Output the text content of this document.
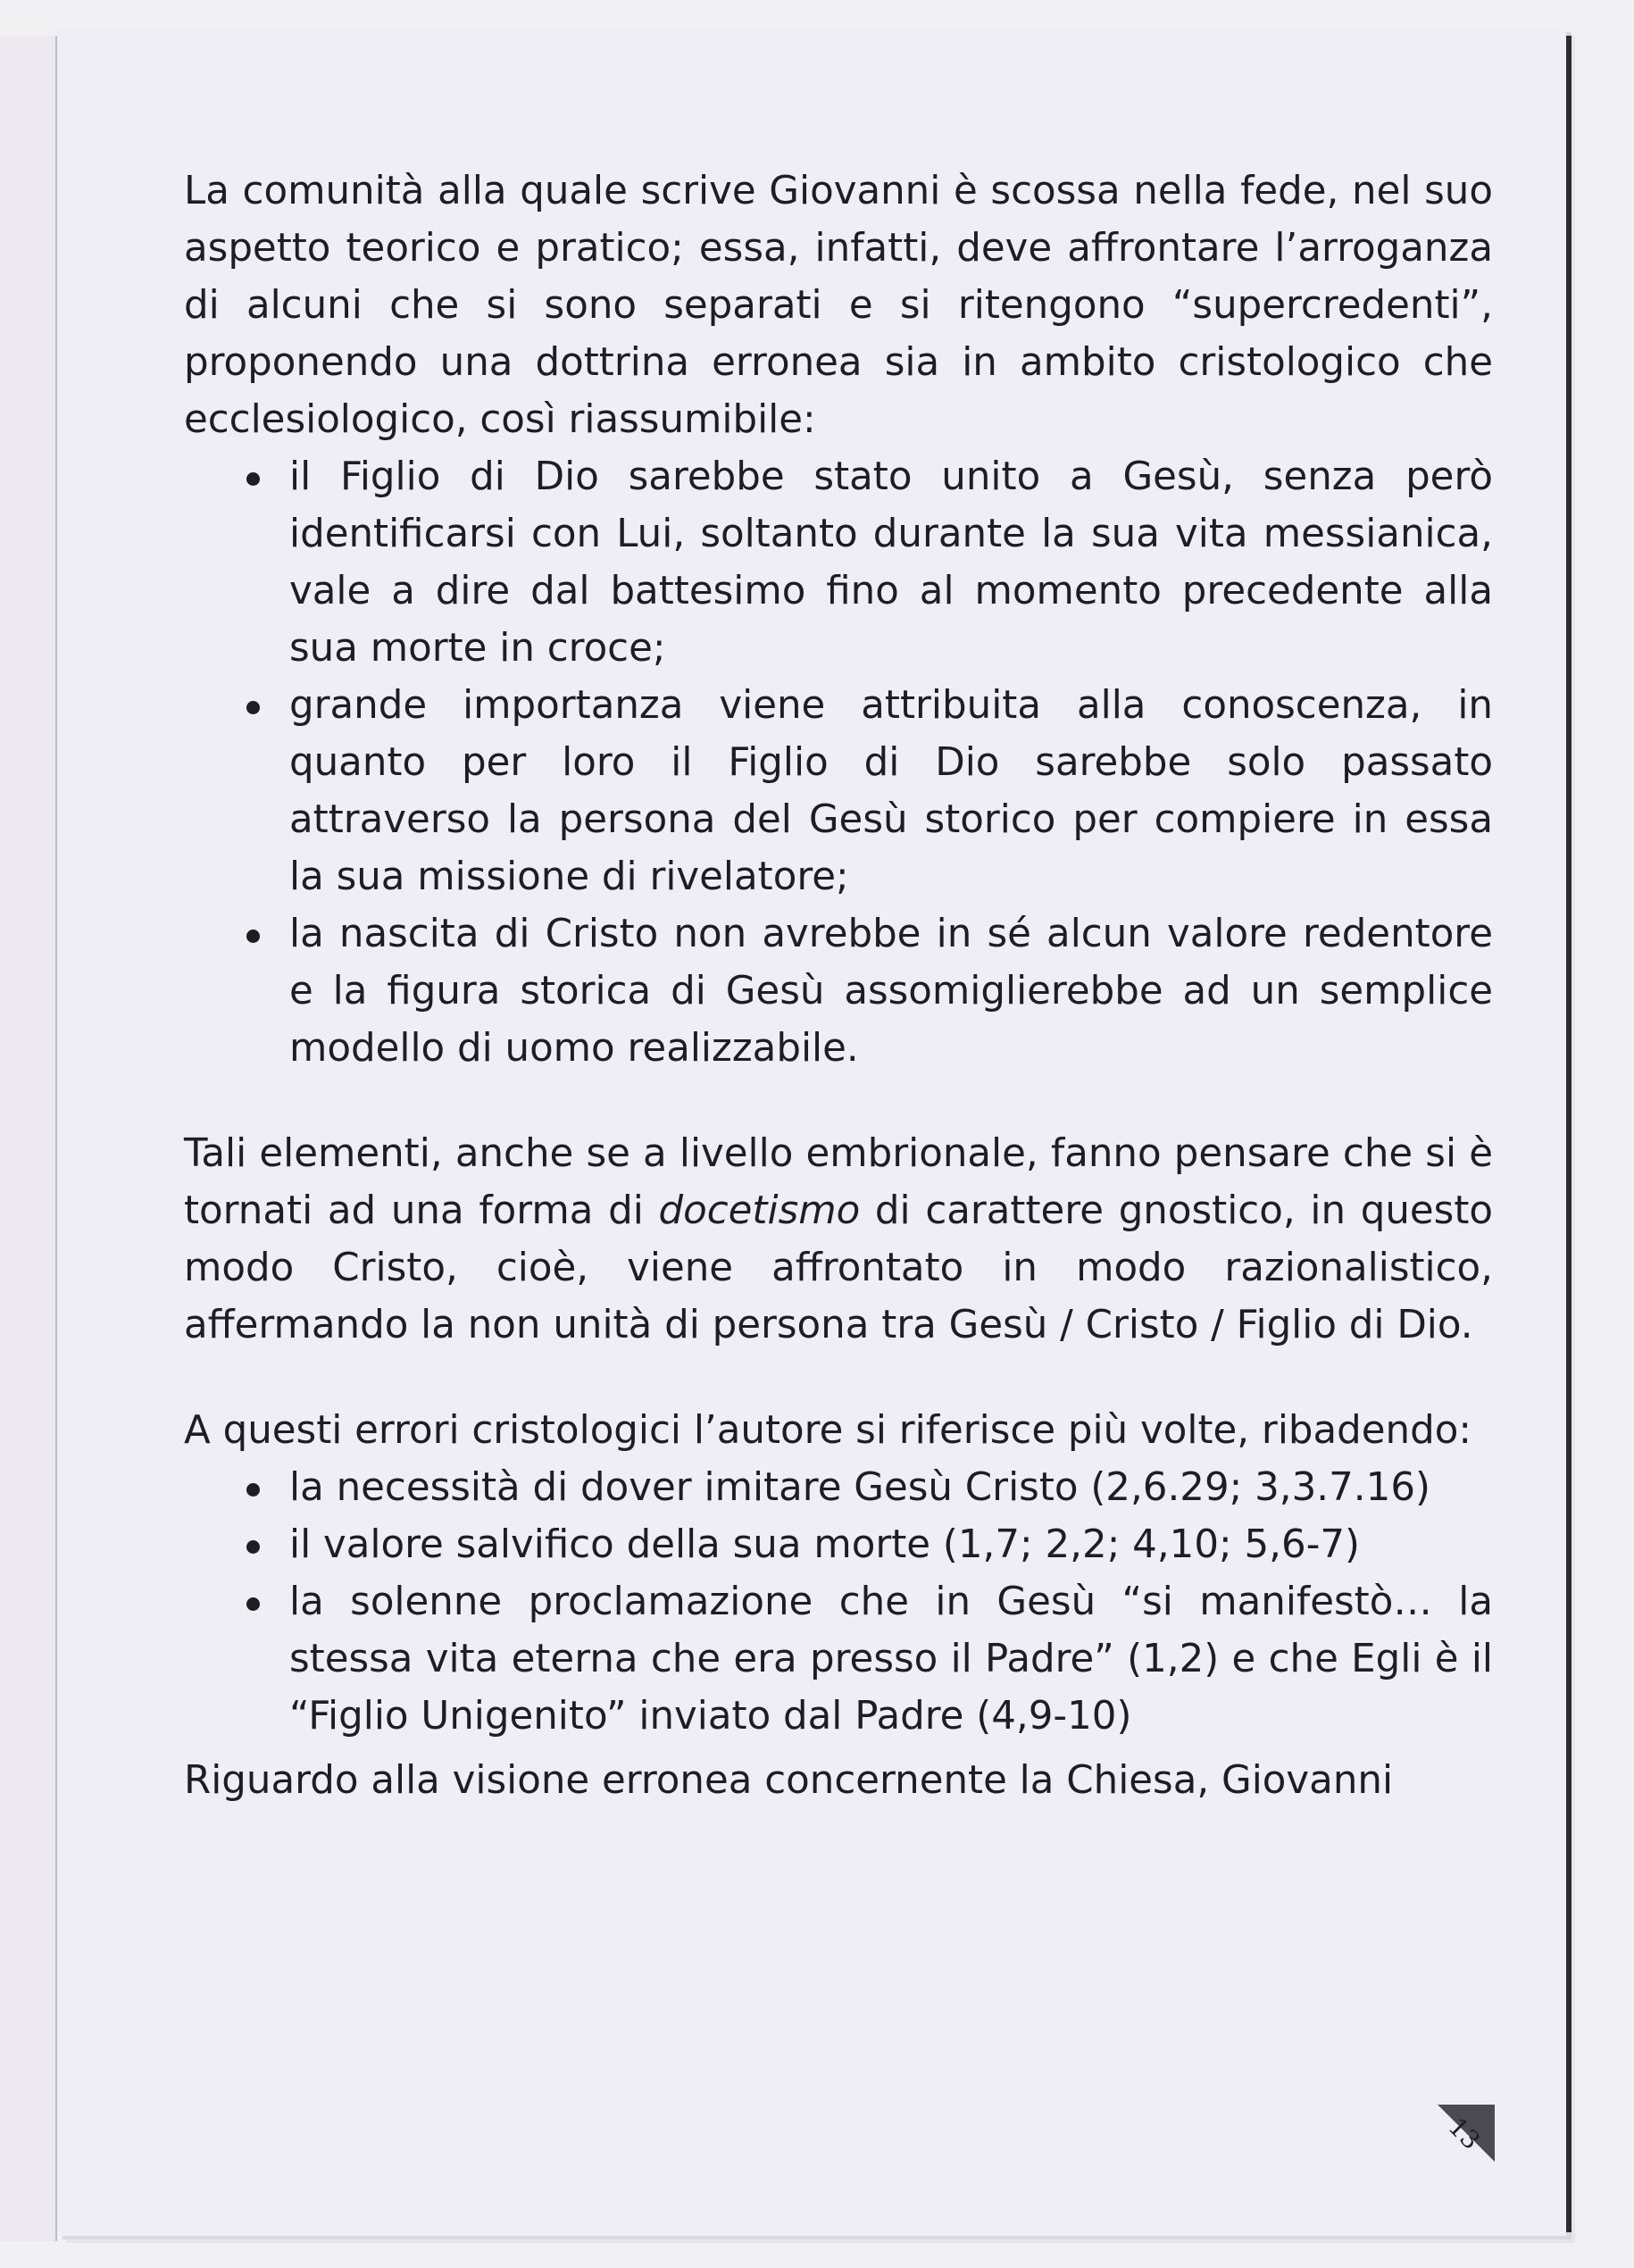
La comunità alla quale scrive Giovanni è scossa nella fede, nel suo aspetto teorico e pratico; essa, infatti, deve affrontare l’arroganza di alcuni che si sono separati e si ritengono “supercredenti”, proponendo una dottrina erronea sia in ambito cristologico che ecclesiologico, così riassumibile:

il Figlio di Dio sarebbe stato unito a Gesù, senza però identificarsi con Lui, soltanto durante la sua vita messianica, vale a dire dal battesimo fino al momento precedente alla sua morte in croce;
grande importanza viene attribuita alla conoscenza, in quanto per loro il Figlio di Dio sarebbe solo passato attraverso la persona del Gesù storico per compiere in essa la sua missione di rivelatore;
la nascita di Cristo non avrebbe in sé alcun valore redentore e la figura storica di Gesù assomiglierebbe ad un semplice modello di uomo realizzabile.

Tali elementi, anche se a livello embrionale, fanno pensare che si è tornati ad una forma di docetismo di carattere gnostico, in questo modo Cristo, cioè, viene affrontato in modo razionalistico, affermando la non unità di persona tra Gesù / Cristo / Figlio di Dio.

A questi errori cristologici l’autore si riferisce più volte, ribadendo:

la necessità di dover imitare Gesù Cristo (2,6.29; 3,3.7.16)
il valore salvifico della sua morte (1,7; 2,2; 4,10; 5,6-7)
la solenne proclamazione che in Gesù “si manifestò… la stessa vita eterna che era presso il Padre” (1,2) e che Egli è il “Figlio Unigenito” inviato dal Padre (4,9-10)

Riguardo alla visione erronea concernente la Chiesa, Giovanni

13
